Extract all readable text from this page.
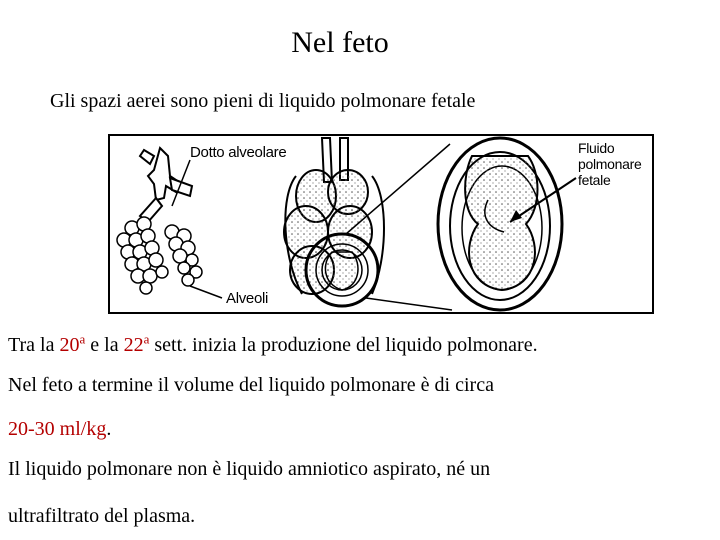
Nel feto
Gli spazi aerei sono pieni di liquido polmonare fetale
Dotto alveolare
Alveoli
Fluido
polmonare
fetale
Tra la 20$^a$ e la 22$^a$ sett. inizia la produzione del liquido polmonare.
Nel feto a termine il volume del liquido polmonare è di circa
20-30 ml/kg.
Il liquido polmonare non è liquido amniotico aspirato, né un
ultrafiltrato del plasma.
